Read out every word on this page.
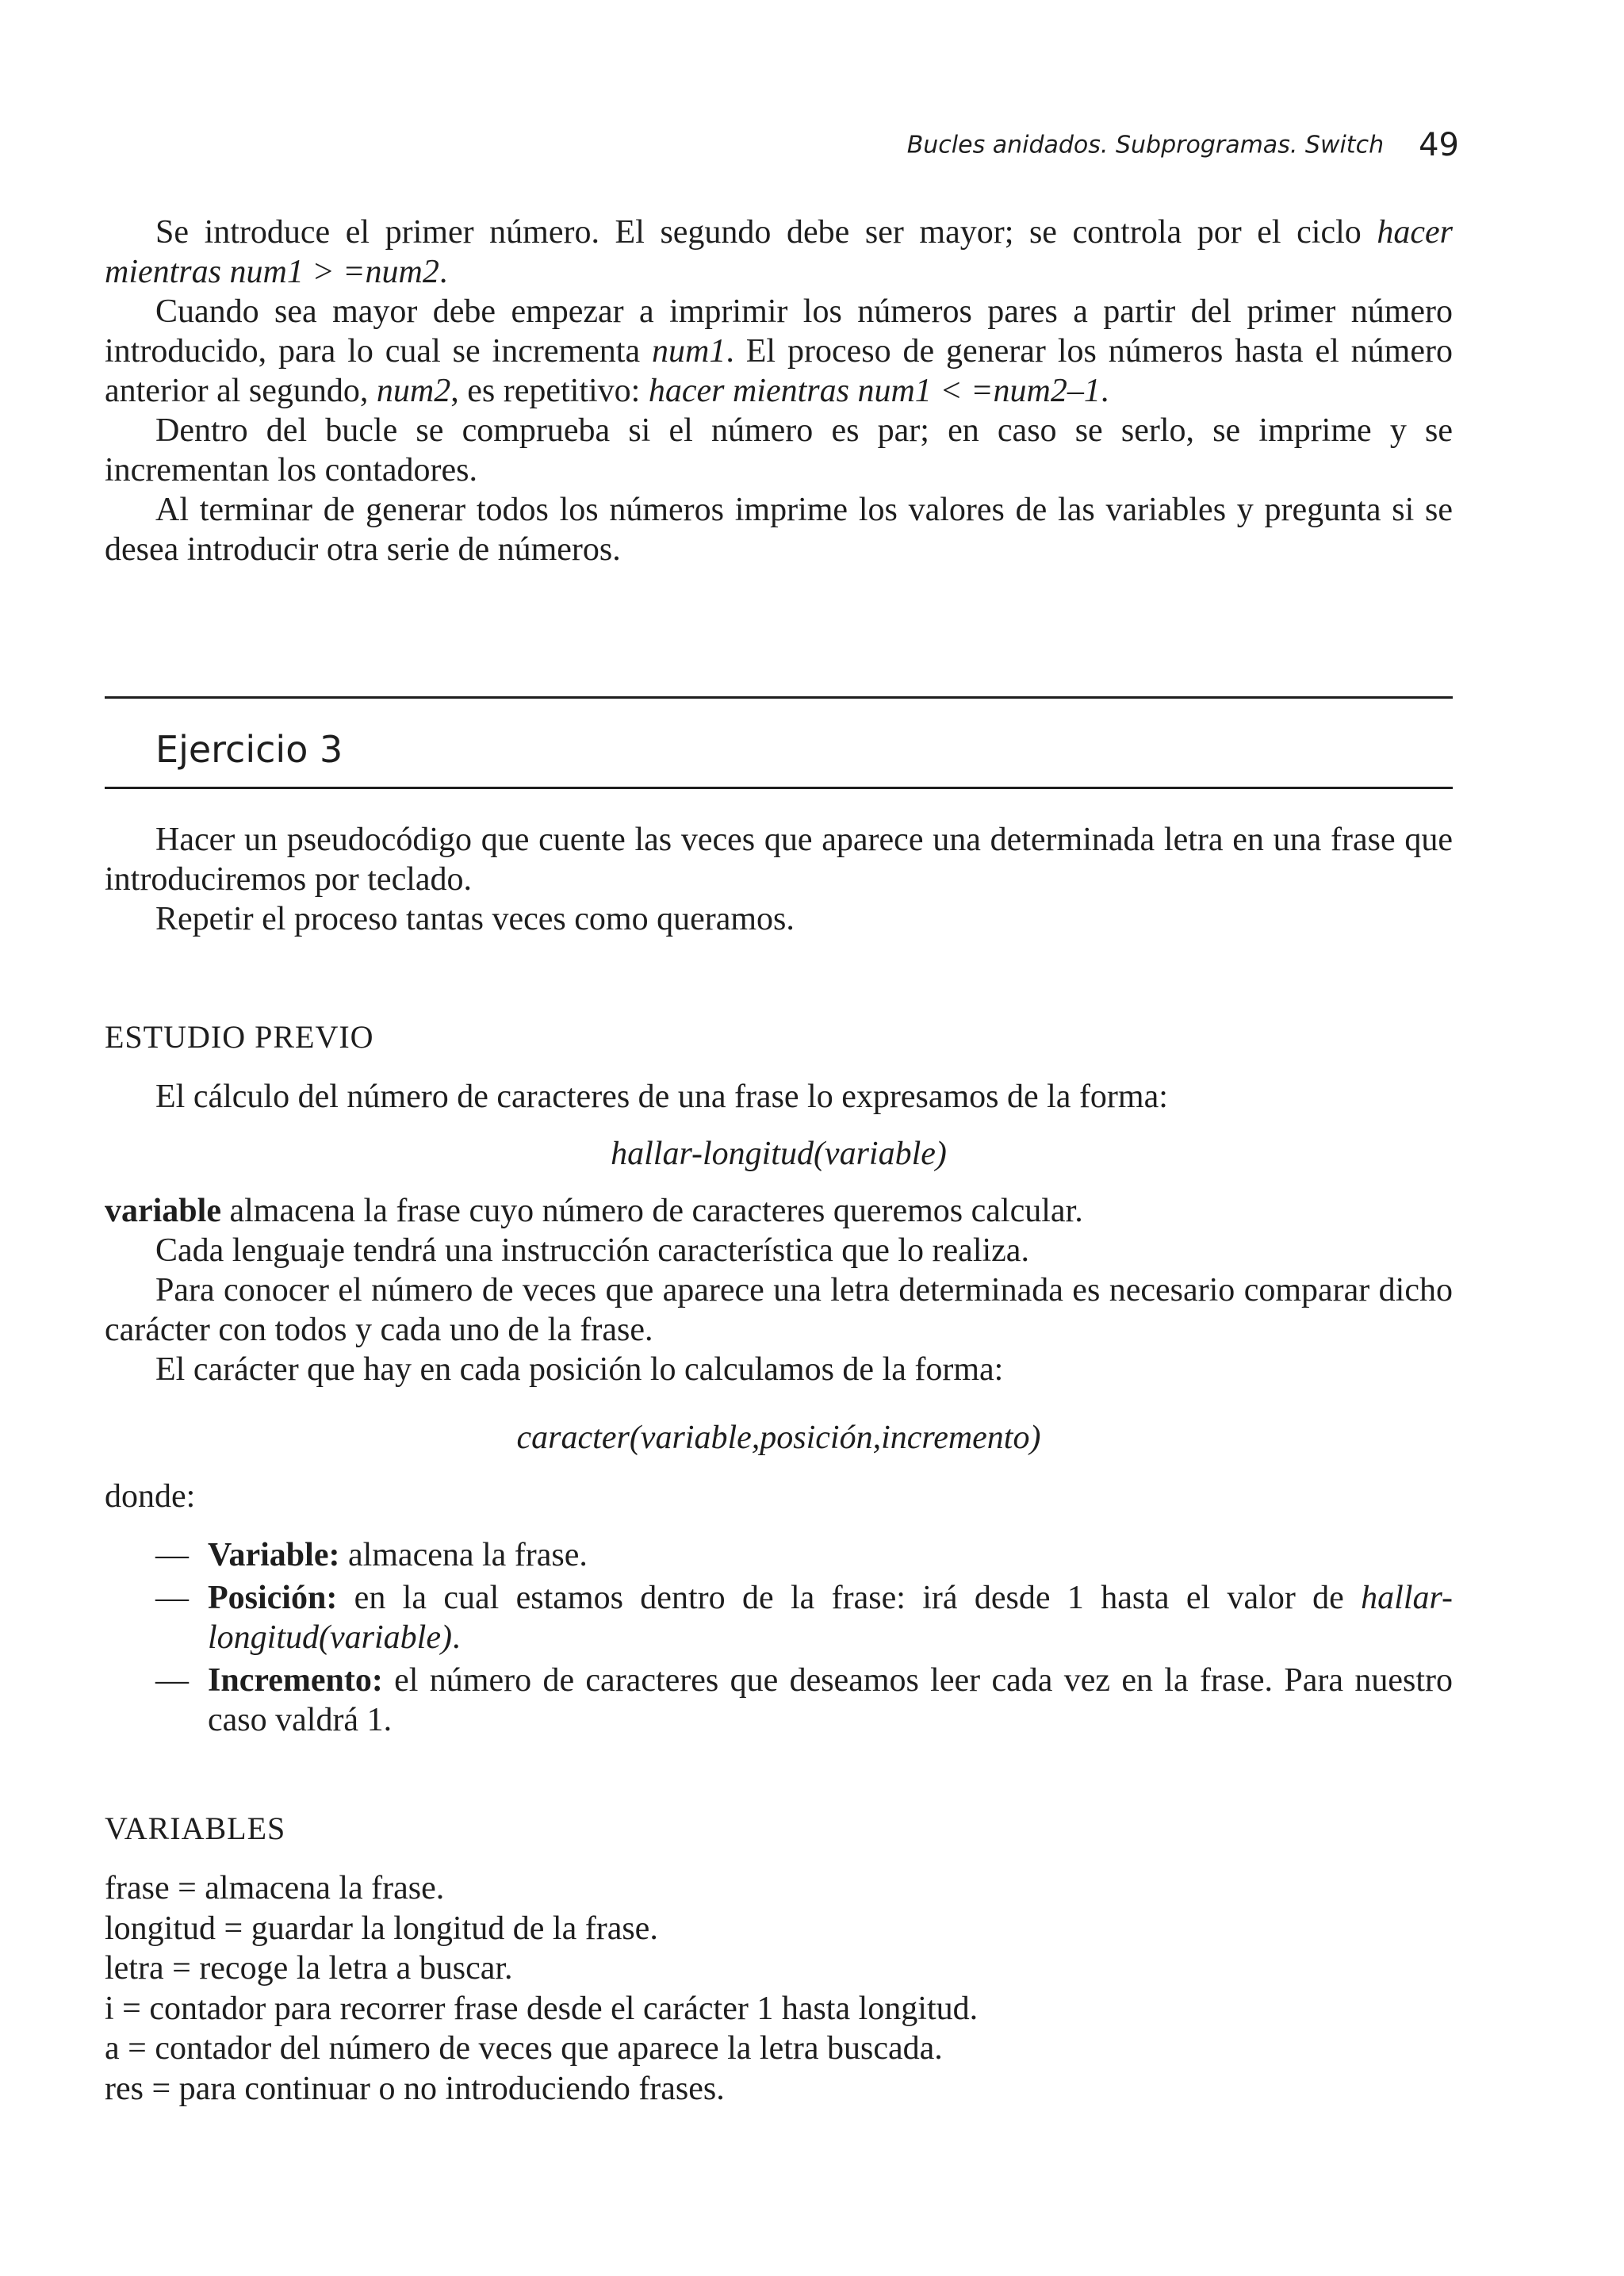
Bucles anidados. Subprogramas. Switch 49

Se introduce el primer número. El segundo debe ser mayor; se controla por el ciclo hacer mientras num1 > =num2.

Cuando sea mayor debe empezar a imprimir los números pares a partir del primer número introducido, para lo cual se incrementa num1. El proceso de generar los números hasta el número anterior al segundo, num2, es repetitivo: hacer mientras num1 < =num2–1.

Dentro del bucle se comprueba si el número es par; en caso se serlo, se imprime y se incrementan los contadores.

Al terminar de generar todos los números imprime los valores de las variables y pregunta si se desea introducir otra serie de números.

Ejercicio 3

Hacer un pseudocódigo que cuente las veces que aparece una determinada letra en una frase que introduciremos por teclado.

Repetir el proceso tantas veces como queramos.

ESTUDIO PREVIO

El cálculo del número de caracteres de una frase lo expresamos de la forma:

hallar-longitud(variable)

variable almacena la frase cuyo número de caracteres queremos calcular.

Cada lenguaje tendrá una instrucción característica que lo realiza.

Para conocer el número de veces que aparece una letra determinada es necesario comparar dicho carácter con todos y cada uno de la frase.

El carácter que hay en cada posición lo calculamos de la forma:

caracter(variable,posición,incremento)

donde:

— Variable: almacena la frase.
— Posición: en la cual estamos dentro de la frase: irá desde 1 hasta el valor de hallar-longitud(variable).
— Incremento: el número de caracteres que deseamos leer cada vez en la frase. Para nuestro caso valdrá 1.
VARIABLES
frase = almacena la frase.
longitud = guardar la longitud de la frase.
letra = recoge la letra a buscar.
i = contador para recorrer frase desde el carácter 1 hasta longitud.
a = contador del número de veces que aparece la letra buscada.
res = para continuar o no introduciendo frases.
